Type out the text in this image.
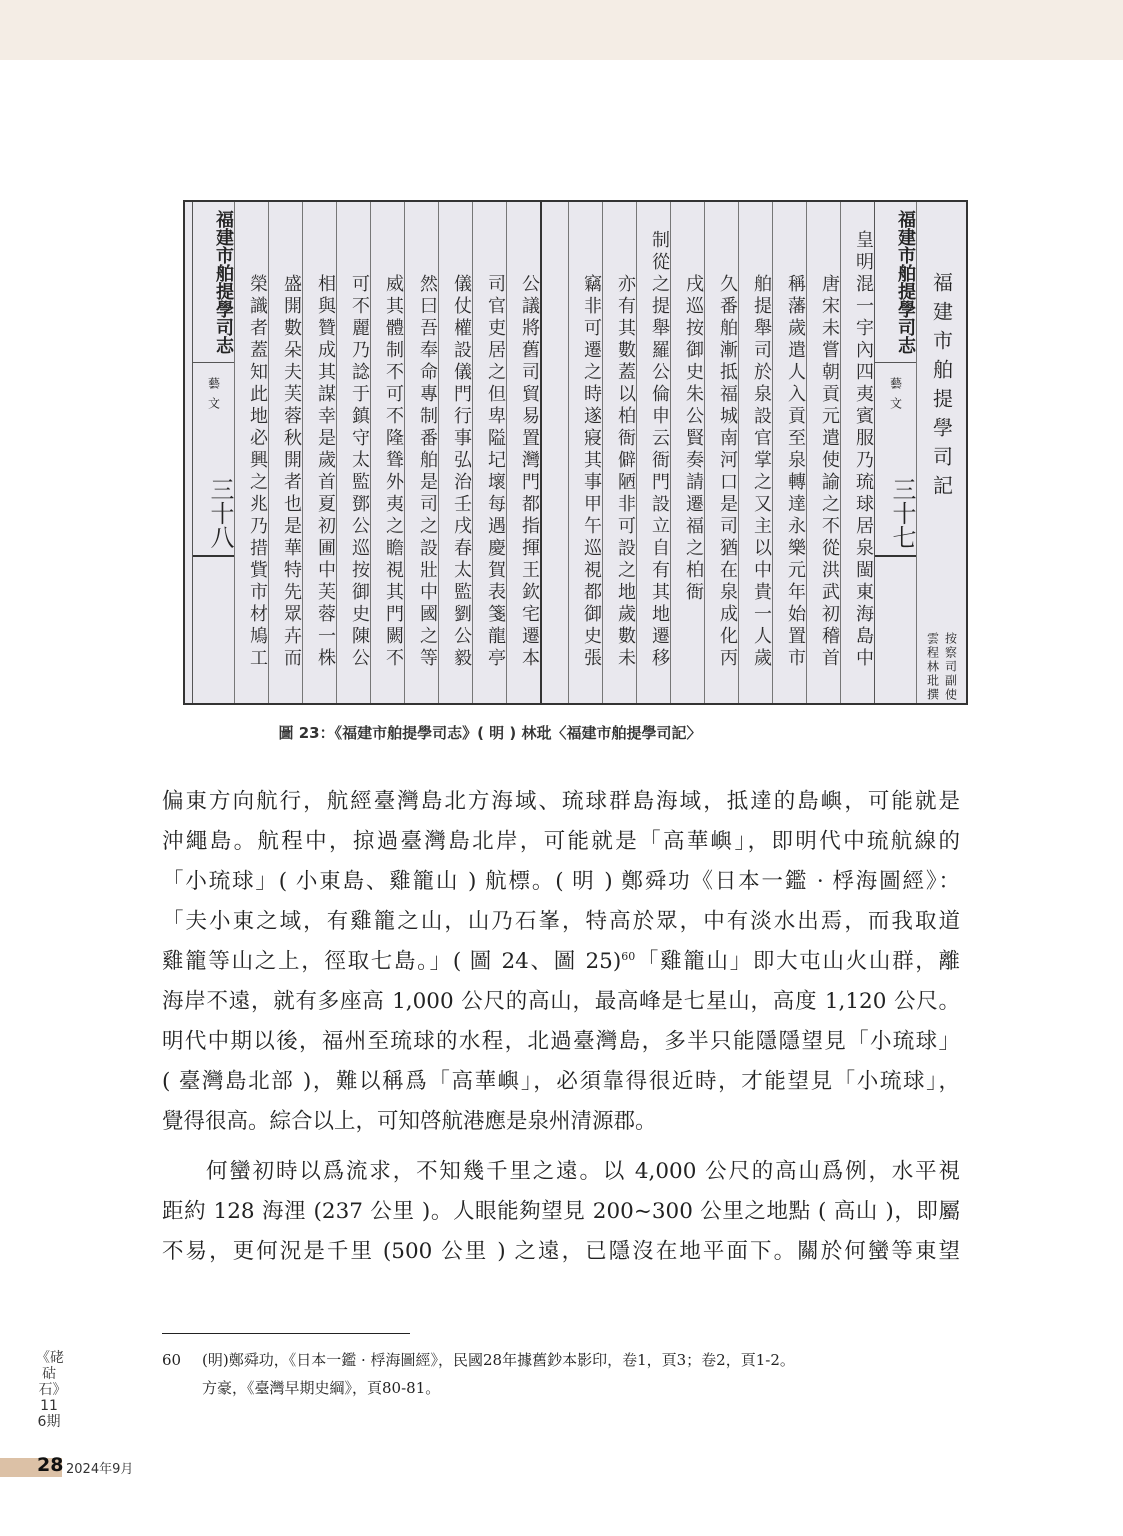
公議將舊司貿易置灣門都指揮王欽宅遷本
司官吏居之但卑隘圮壞每遇慶賀表箋龍亭
儀仗權設儀門行事弘治壬戌春太監劉公毅
然曰吾奉命專制番舶是司之設壯中國之等
威其體制不可不隆聳外夷之瞻視其門闕不
可不麗乃諗于鎮守太監鄧公巡按御史陳公
相與贊成其謀幸是歲首夏初圃中芙蓉一株
盛開數朵夫芙蓉秋開者也是華特先眾卉而
榮識者蓋知此地必興之兆乃措貲市材鳩工
福建市舶提學司志
藝文
三十八
福建市舶提學司記
按察司副使
雲程林玭撰
福建市舶提學司志
藝文
三十七
皇明混一宇內四夷賓服乃琉球居泉閩東海島中
唐宋未嘗朝貢元遣使諭之不從洪武初稽首
稱藩歲遣人入貢至泉轉達永樂元年始置市
舶提舉司於泉設官掌之又主以中貴一人歲
久番舶漸抵福城南河口是司猶在泉成化丙
戌巡按御史朱公賢奏請遷福之柏衙
制從之提舉羅公倫申云衙門設立自有其地遷移
亦有其數蓋以柏衙僻陋非可設之地歲數未
竊非可遷之時遂寢其事甲午巡視都御史張
圖 23：《福建市舶提學司志》( 明 ) 林玭〈福建市舶提學司記〉
偏東方向航行，航經臺灣島北方海域、琉球群島海域，抵達的島嶼，可能就是
沖繩島。航程中，掠過臺灣島北岸，可能就是「高華嶼」，即明代中琉航線的
「小琉球」( 小東島、雞籠山 ) 航標。( 明 ) 鄭舜功《日本一鑑 · 桴海圖經》：
「夫小東之域，有雞籠之山，山乃石峯，特高於眾，中有淡水出焉，而我取道
雞籠等山之上，徑取七島。」( 圖 24、圖 25)$^{60}$「雞籠山」即大屯山火山群，離
海岸不遠，就有多座高 1,000 公尺的高山，最高峰是七星山，高度 1,120 公尺。
明代中期以後，福州至琉球的水程，北過臺灣島，多半只能隱隱望見「小琉球」
( 臺灣島北部 )，難以稱爲「高華嶼」，必須靠得很近時，才能望見「小琉球」，
覺得很高。綜合以上，可知啓航港應是泉州清源郡。
何蠻初時以爲流求，不知幾千里之遠。以 4,000 公尺的高山爲例，水平視
距約 128 海浬 (237 公里 )。人眼能夠望見 200~300 公里之地點 ( 高山 )，即屬
不易，更何況是千里 (500 公里 ) 之遠，已隱沒在地平面下。關於何蠻等東望
60 (明)鄭舜功，《日本一鑑 · 桴海圖經》，民國28年據舊鈔本影印，卷1，頁3；卷2，頁1-2。
方豪，《臺灣早期史綱》，頁80-81。
《硓𥑮石》116期
28 2024年9月
